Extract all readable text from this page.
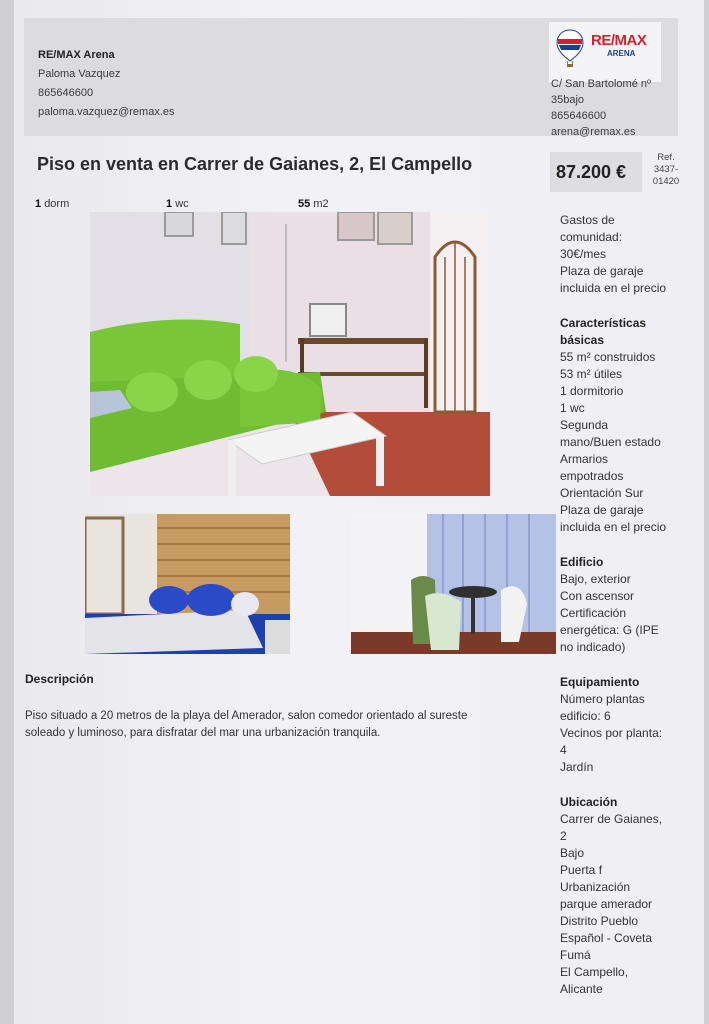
RE/MAX Arena
Paloma Vazquez
865646600
paloma.vazquez@remax.es
RE/MAX
ARENA
C/ San Bartolomé nº
35bajo
865646600
arena@remax.es
Piso en venta en Carrer de Gaianes, 2, El Campello	87.200 €
Ref.
3437-
01420
1 dorm	1 wc	55 m2
Gastos de
comunidad:
30€/mes
Plaza de garaje
incluida en el precio
Características
básicas
55 m² construidos
53 m² útiles
1 dormitorio
1 wc
Segunda
mano/Buen estado
Armarios
empotrados
Orientación Sur
Plaza de garaje
incluida en el precio
Edificio
Bajo, exterior
Con ascensor
Certificación
energética: G (IPE
no indicado)
Equipamiento
Número plantas
edificio: 6
Vecinos por planta:
4
Jardín
Ubicación
Carrer de Gaianes,
2
Bajo
Puerta f
Urbanización
parque amerador
Distrito Pueblo
Español - Coveta
Fumá
El Campello,
Alicante
Descripción
Piso situado a 20 metros de la playa del Amerador, salon comedor orientado al sureste
soleado y luminoso, para disfratar del mar una urbanización tranquila.
